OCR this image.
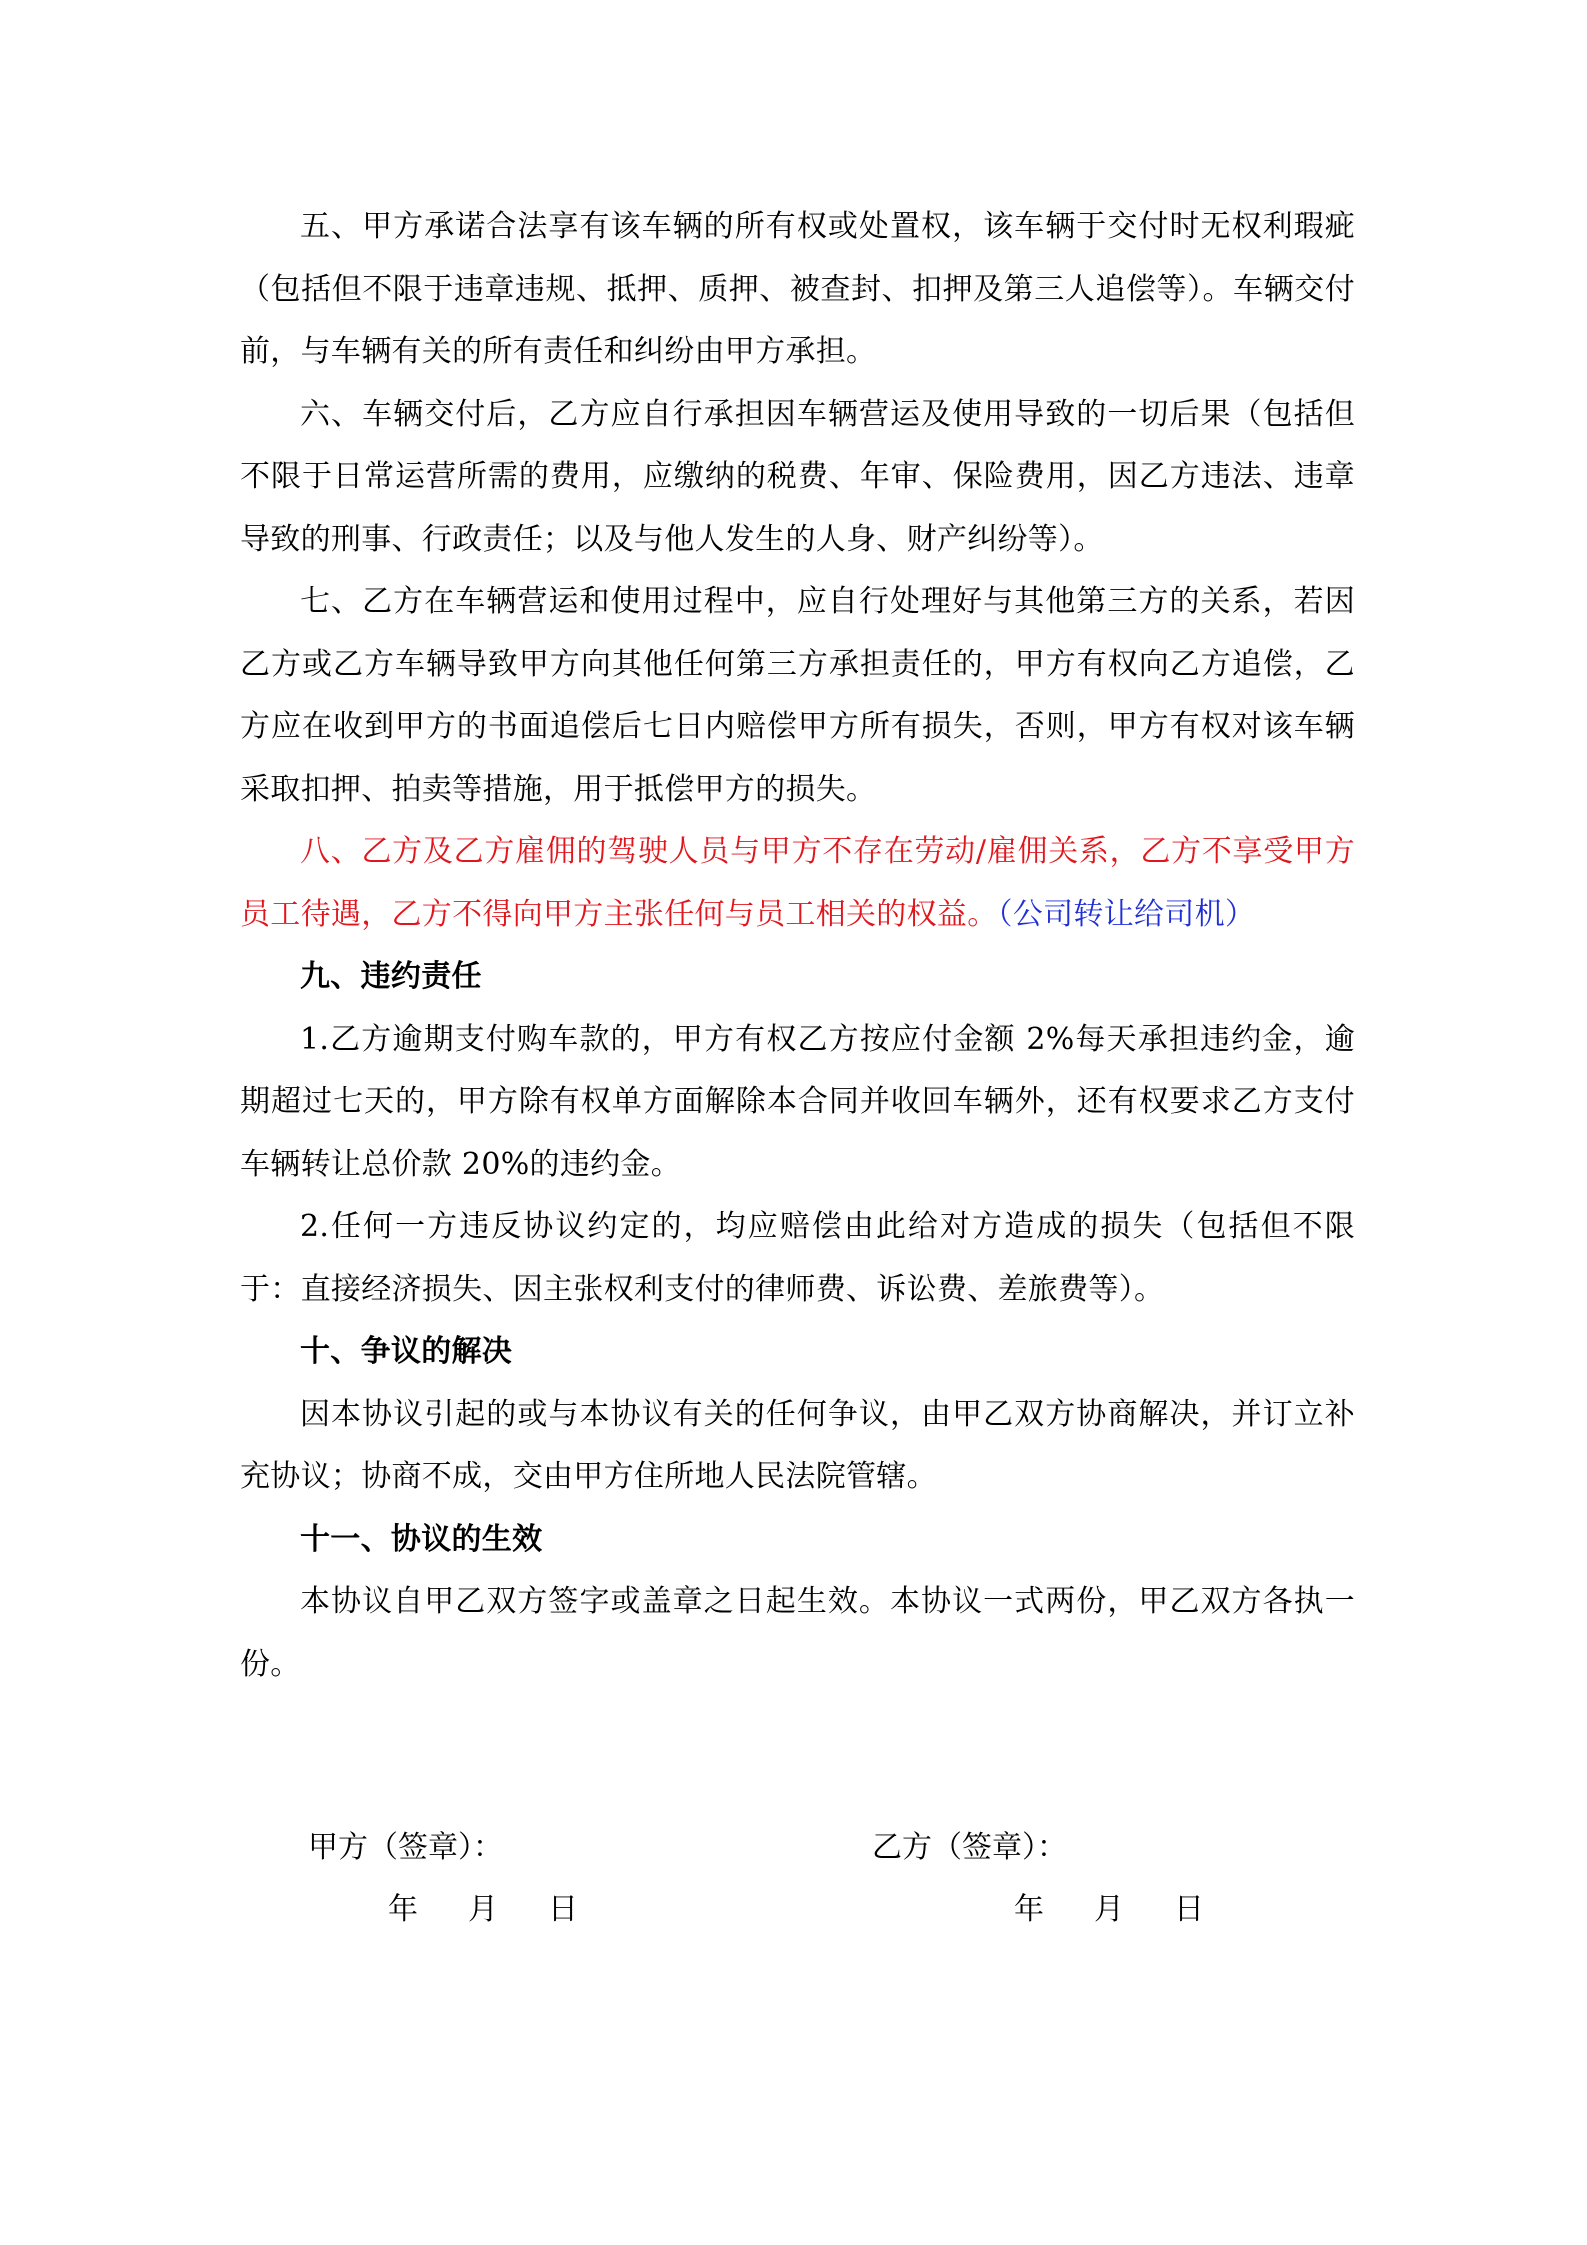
五、甲方承诺合法享有该车辆的所有权或处置权，该车辆于交付时无权利瑕疵（包括但不限于违章违规、抵押、质押、被查封、扣押及第三人追偿等）。车辆交付前，与车辆有关的所有责任和纠纷由甲方承担。

六、车辆交付后，乙方应自行承担因车辆营运及使用导致的一切后果（包括但不限于日常运营所需的费用，应缴纳的税费、年审、保险费用，因乙方违法、违章导致的刑事、行政责任；以及与他人发生的人身、财产纠纷等）。

七、乙方在车辆营运和使用过程中，应自行处理好与其他第三方的关系，若因乙方或乙方车辆导致甲方向其他任何第三方承担责任的，甲方有权向乙方追偿，乙方应在收到甲方的书面追偿后七日内赔偿甲方所有损失，否则，甲方有权对该车辆采取扣押、拍卖等措施，用于抵偿甲方的损失。

八、乙方及乙方雇佣的驾驶人员与甲方不存在劳动/雇佣关系，乙方不享受甲方员工待遇，乙方不得向甲方主张任何与员工相关的权益。（公司转让给司机）

九、违约责任

1.乙方逾期支付购车款的，甲方有权乙方按应付金额 2%每天承担违约金，逾期超过七天的，甲方除有权单方面解除本合同并收回车辆外，还有权要求乙方支付车辆转让总价款 20%的违约金。

2.任何一方违反协议约定的，均应赔偿由此给对方造成的损失（包括但不限于：直接经济损失、因主张权利支付的律师费、诉讼费、差旅费等）。

十、争议的解决

因本协议引起的或与本协议有关的任何争议，由甲乙双方协商解决，并订立补充协议；协商不成，交由甲方住所地人民法院管辖。

十一、协议的生效

本协议自甲乙双方签字或盖章之日起生效。本协议一式两份，甲乙双方各执一份。

甲方（签章）：	乙方（签章）：
年 月 日	年 月 日
